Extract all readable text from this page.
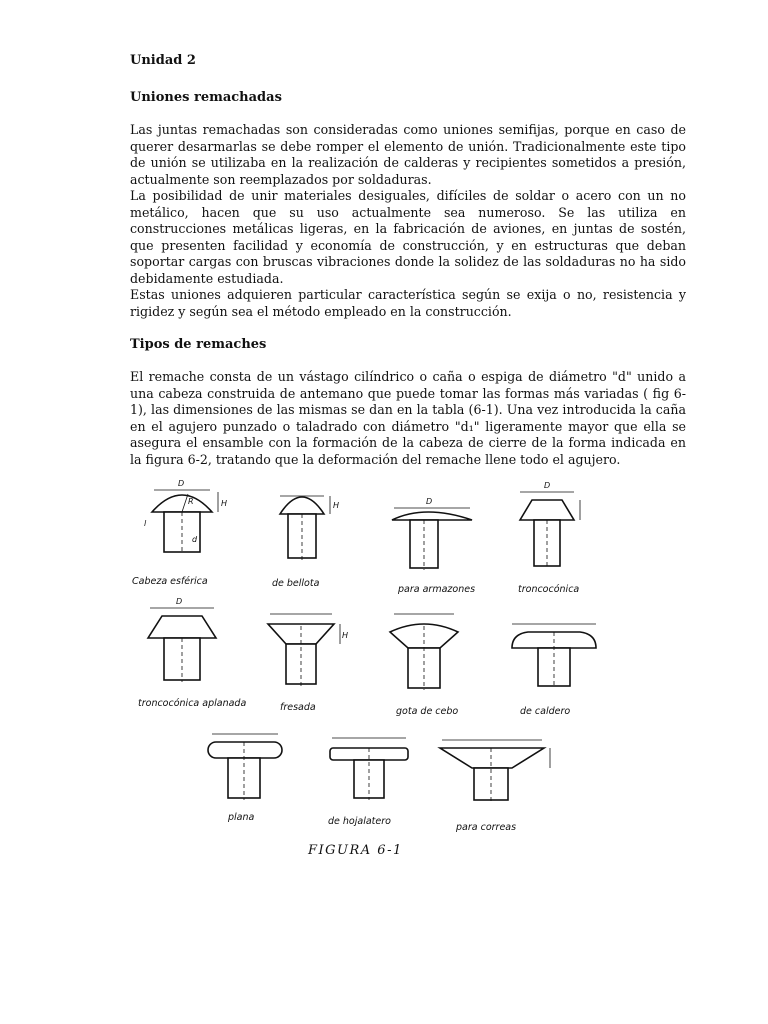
Unidad 2
Uniones remachadas

Las juntas remachadas son consideradas como uniones semifijas, porque en caso de querer desarmarlas se debe romper el elemento de unión. Tradicionalmente este tipo de unión se utilizaba en la realización de calderas y recipientes sometidos a presión, actualmente son reemplazados por soldaduras.

La posibilidad de unir materiales desiguales, difíciles de soldar o acero con un no metálico, hacen que su uso actualmente sea numeroso. Se las utiliza en construcciones metálicas ligeras, en la fabricación de aviones, en juntas de sostén, que presenten facilidad y economía de construcción, y en estructuras que deban soportar cargas con bruscas vibraciones donde la solidez de las soldaduras no ha sido debidamente estudiada.

Estas uniones adquieren particular característica según se exija o no, resistencia y rigidez y según sea el método empleado en la construcción.

Tipos de remaches

El remache consta de un vástago cilíndrico o caña o espiga de diámetro "d" unido a una cabeza construida de antemano que puede tomar las formas más variadas ( fig 6-1), las dimensiones de las mismas se dan en la tabla (6-1). Una vez introducida la caña en el agujero punzado o taladrado con diámetro "d₁" ligeramente mayor que ella se asegura el ensamble con la formación de la cabeza de cierre de la forma indicada en la figura 6-2, tratando que la deformación del remache llene todo el agujero.

D
H
R
l
d
Cabeza esférica
H
de bellota
D
para armazones
D
troncocónica
D
troncocónica aplanada
H
fresada	gota de cebo	de caldero
plana	de hojalatero
para correas
FIGURA 6-1
